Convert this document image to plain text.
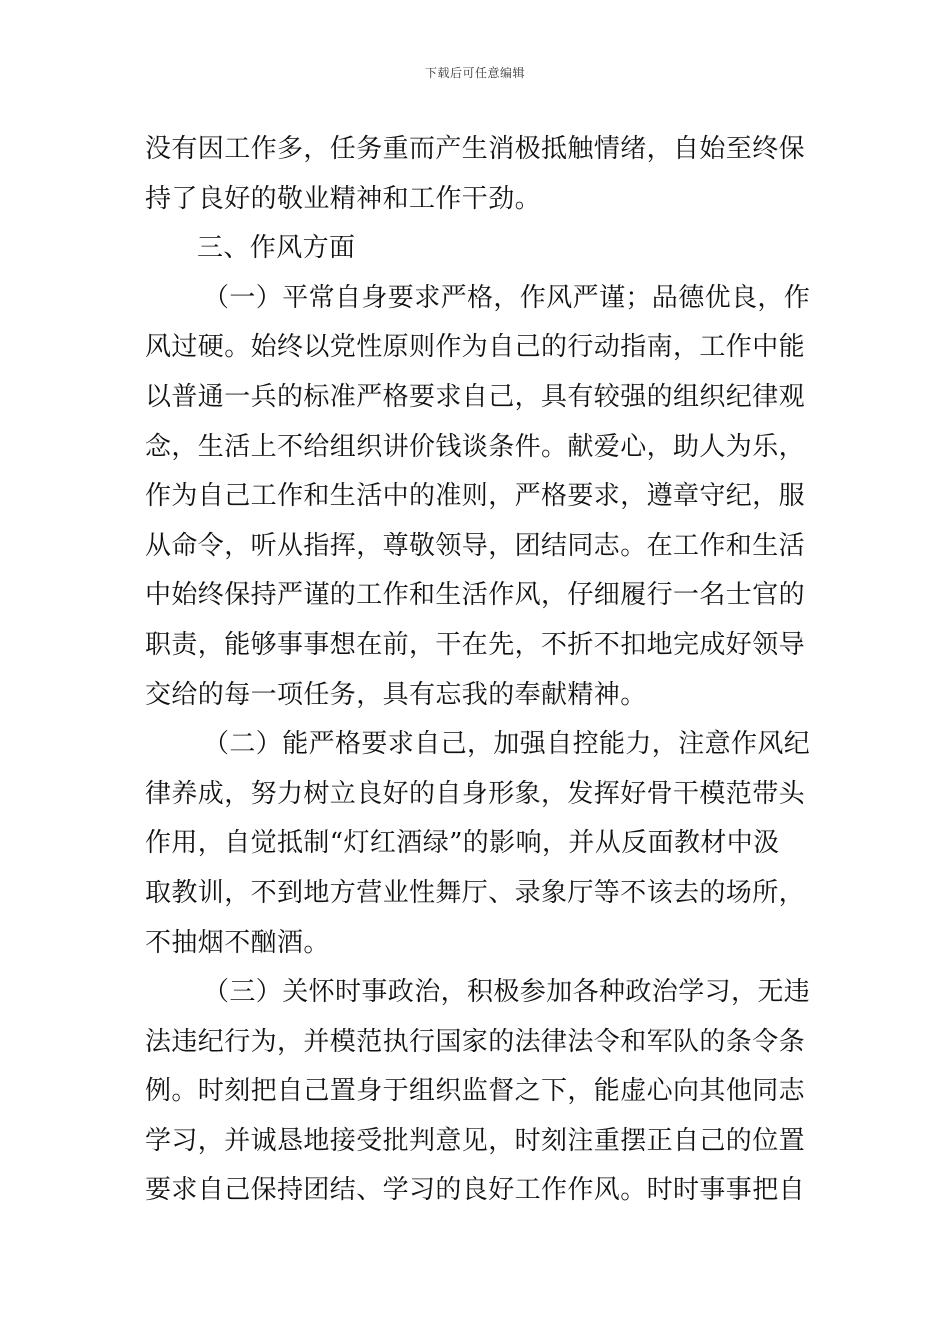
下载后可任意编辑
没有因工作多，任务重而产生消极抵触情绪，自始至终保
持了良好的敬业精神和工作干劲。
三、作风方面
（一）平常自身要求严格，作风严谨；品德优良，作
风过硬。始终以党性原则作为自己的行动指南，工作中能
以普通一兵的标准严格要求自己，具有较强的组织纪律观
念，生活上不给组织讲价钱谈条件。献爱心，助人为乐，
作为自己工作和生活中的准则，严格要求，遵章守纪，服
从命令，听从指挥，尊敬领导，团结同志。在工作和生活
中始终保持严谨的工作和生活作风，仔细履行一名士官的
职责，能够事事想在前，干在先，不折不扣地完成好领导
交给的每一项任务，具有忘我的奉献精神。
（二）能严格要求自己，加强自控能力，注意作风纪
律养成，努力树立良好的自身形象，发挥好骨干模范带头
作用，自觉抵制“灯红酒绿”的影响，并从反面教材中汲
取教训，不到地方营业性舞厅、录象厅等不该去的场所，
不抽烟不酗酒。
（三）关怀时事政治，积极参加各种政治学习，无违
法违纪行为，并模范执行国家的法律法令和军队的条令条
例。时刻把自己置身于组织监督之下，能虚心向其他同志
学习，并诚恳地接受批判意见，时刻注重摆正自己的位置
要求自己保持团结、学习的良好工作作风。时时事事把自
